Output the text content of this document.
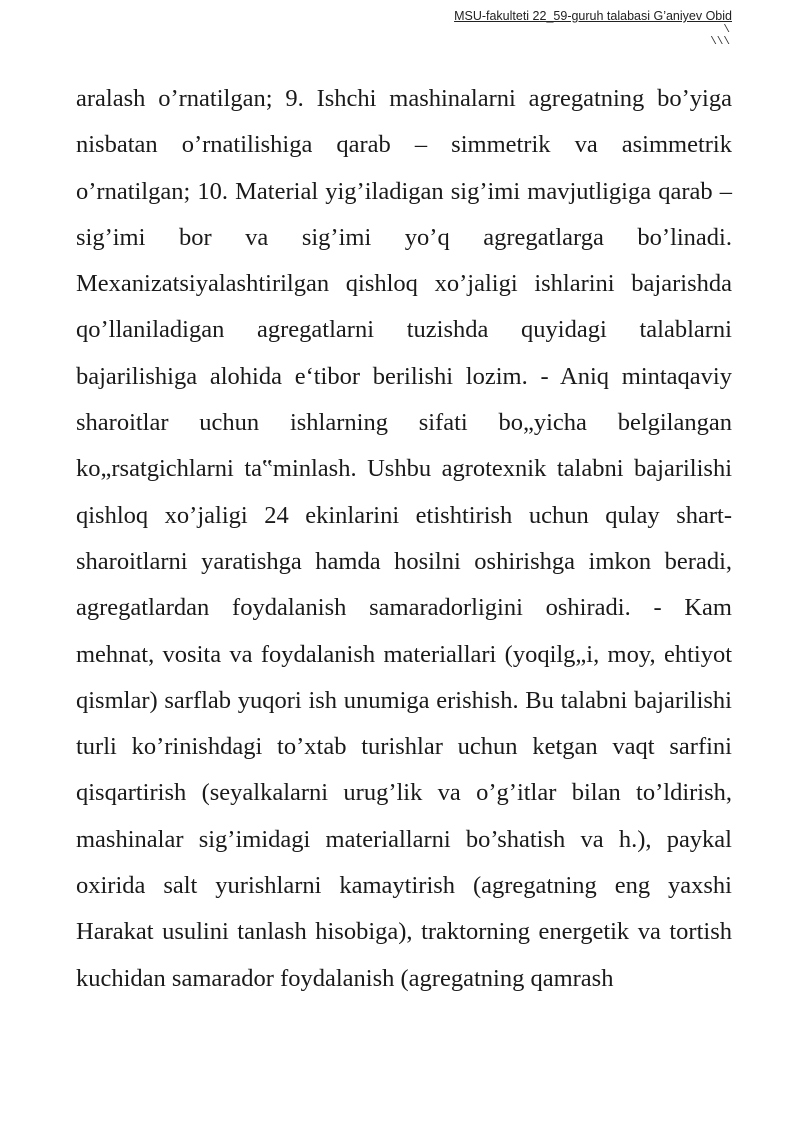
MSU-fakulteti 22_59-guruh talabasi G’aniyev Obid
\
\\\

aralash o’rnatilgan; 9. Ishchi mashinalarni agregatning bo’yiga nisbatan o’rnatilishiga qarab – simmetrik va asimmetrik o’rnatilgan; 10. Material yig’iladigan sig’imi mavjutligiga qarab – sig’imi bor va sig’imi yo’q agregatlarga bo’linadi. Mexanizatsiyalashtirilgan qishloq xo’jaligi ishlarini bajarishda qo’llaniladigan agregatlarni tuzishda quyidagi talablarni bajarilishiga alohida e‘tibor berilishi lozim. - Aniq mintaqaviy sharoitlar uchun ishlarning sifati bo„yicha belgilangan ko„rsatgichlarni ta‟minlash. Ushbu agrotexnik talabni bajarilishi qishloq xo’jaligi 24 ekinlarini etishtirish uchun qulay shart-sharoitlarni yaratishga hamda hosilni oshirishga imkon beradi, agregatlardan foydalanish samaradorligini oshiradi. - Kam mehnat, vosita va foydalanish materiallari (yoqilg„i, moy, ehtiyot qismlar) sarflab yuqori ish unumiga erishish. Bu talabni bajarilishi turli ko’rinishdagi to’xtab turishlar uchun ketgan vaqt sarfini qisqartirish (seyalkalarni urug’lik va o’g’itlar bilan to’ldirish, mashinalar sig’imidagi materiallarni bo’shatish va h.), paykal oxirida salt yurishlarni kamaytirish (agregatning eng yaxshi Harakat usulini tanlash hisobiga), traktorning energetik va tortish kuchidan samarador foydalanish (agregatning qamrash
